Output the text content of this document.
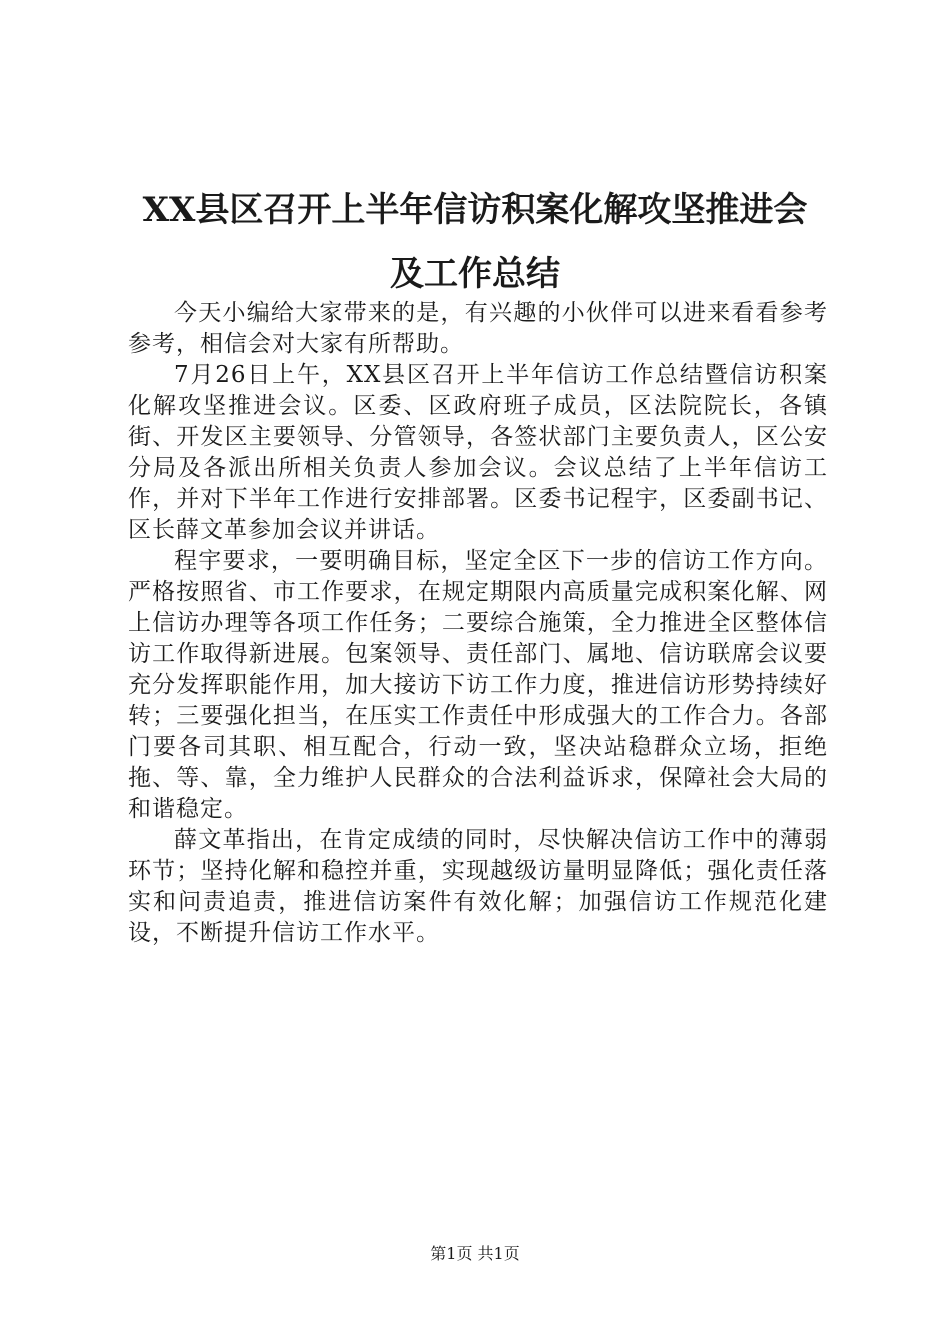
XX县区召开上半年信访积案化解攻坚推进会
及工作总结

今天小编给大家带来的是，有兴趣的小伙伴可以进来看看参考参考，相信会对大家有所帮助。

7月26日上午，XX县区召开上半年信访工作总结暨信访积案化解攻坚推进会议。区委、区政府班子成员，区法院院长，各镇街、开发区主要领导、分管领导，各签状部门主要负责人，区公安分局及各派出所相关负责人参加会议。会议总结了上半年信访工作，并对下半年工作进行安排部署。区委书记程宇，区委副书记、区长薛文革参加会议并讲话。

程宇要求，一要明确目标，坚定全区下一步的信访工作方向。严格按照省、市工作要求，在规定期限内高质量完成积案化解、网上信访办理等各项工作任务；二要综合施策，全力推进全区整体信访工作取得新进展。包案领导、责任部门、属地、信访联席会议要充分发挥职能作用，加大接访下访工作力度，推进信访形势持续好转；三要强化担当，在压实工作责任中形成强大的工作合力。各部门要各司其职、相互配合，行动一致，坚决站稳群众立场，拒绝拖、等、靠，全力维护人民群众的合法利益诉求，保障社会大局的和谐稳定。

薛文革指出，在肯定成绩的同时，尽快解决信访工作中的薄弱环节；坚持化解和稳控并重，实现越级访量明显降低；强化责任落实和问责追责，推进信访案件有效化解；加强信访工作规范化建设，不断提升信访工作水平。

第1页 共1页
